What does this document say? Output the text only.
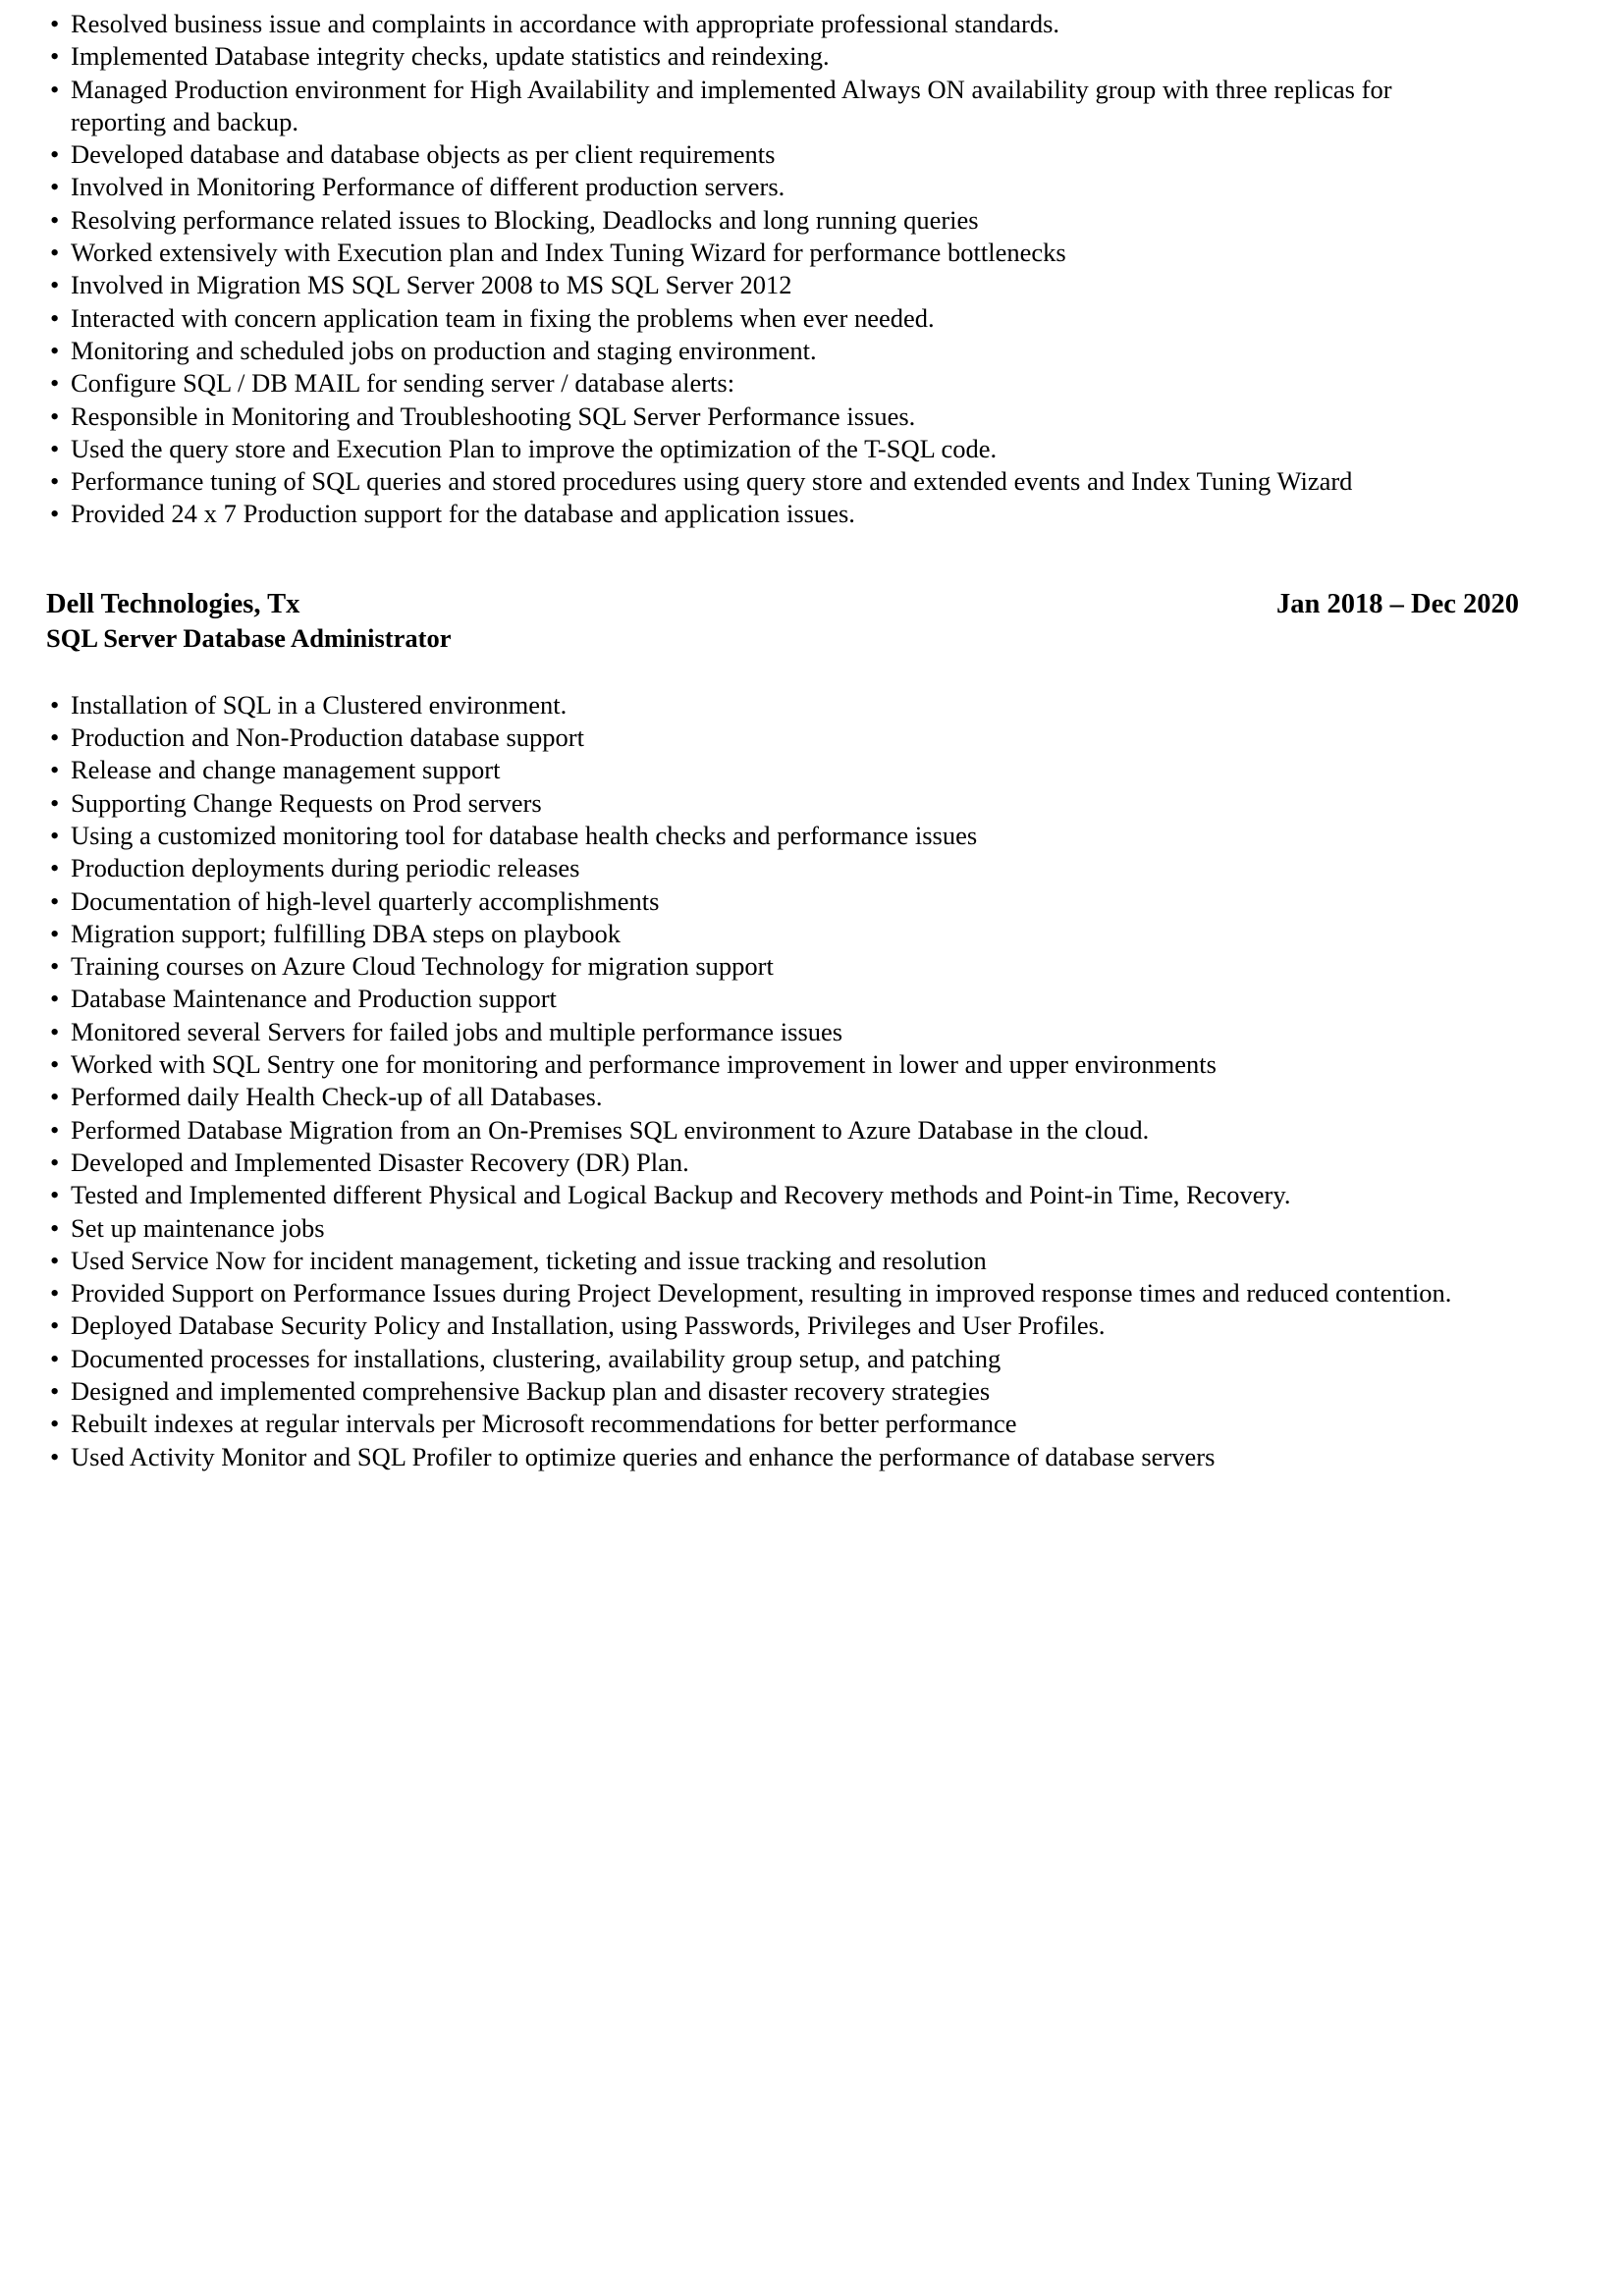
• Resolved business issue and complaints in accordance with appropriate professional standards.
• Implemented Database integrity checks, update statistics and reindexing.
• Managed Production environment for High Availability and implemented Always ON availability group with three replicas for reporting and backup.
• Developed database and database objects as per client requirements
• Involved in Monitoring Performance of different production servers.
• Resolving performance related issues to Blocking, Deadlocks and long running queries
• Worked extensively with Execution plan and Index Tuning Wizard for performance bottlenecks
• Involved in Migration MS SQL Server 2008 to MS SQL Server 2012
• Interacted with concern application team in fixing the problems when ever needed.
• Monitoring and scheduled jobs on production and staging environment.
• Configure SQL / DB MAIL for sending server / database alerts:
• Responsible in Monitoring and Troubleshooting SQL Server Performance issues.
• Used the query store and Execution Plan to improve the optimization of the T-SQL code.
• Performance tuning of SQL queries and stored procedures using query store and extended events and Index Tuning Wizard
• Provided 24 x 7 Production support for the database and application issues.
Dell Technologies, Tx	Jan 2018 – Dec 2020
SQL Server Database Administrator
• Installation of SQL in a Clustered environment.
• Production and Non-Production database support
• Release and change management support
• Supporting Change Requests on Prod servers
• Using a customized monitoring tool for database health checks and performance issues
• Production deployments during periodic releases
• Documentation of high-level quarterly accomplishments
• Migration support; fulfilling DBA steps on playbook
• Training courses on Azure Cloud Technology for migration support
• Database Maintenance and Production support
• Monitored several Servers for failed jobs and multiple performance issues
• Worked with SQL Sentry one for monitoring and performance improvement in lower and upper environments
• Performed daily Health Check-up of all Databases.
• Performed Database Migration from an On-Premises SQL environment to Azure Database in the cloud.
• Developed and Implemented Disaster Recovery (DR) Plan.
• Tested and Implemented different Physical and Logical Backup and Recovery methods and Point-in Time, Recovery.
• Set up maintenance jobs
• Used Service Now for incident management, ticketing and issue tracking and resolution
• Provided Support on Performance Issues during Project Development, resulting in improved response times and reduced contention.
• Deployed Database Security Policy and Installation, using Passwords, Privileges and User Profiles.
• Documented processes for installations, clustering, availability group setup, and patching
• Designed and implemented comprehensive Backup plan and disaster recovery strategies
• Rebuilt indexes at regular intervals per Microsoft recommendations for better performance
• Used Activity Monitor and SQL Profiler to optimize queries and enhance the performance of database servers
